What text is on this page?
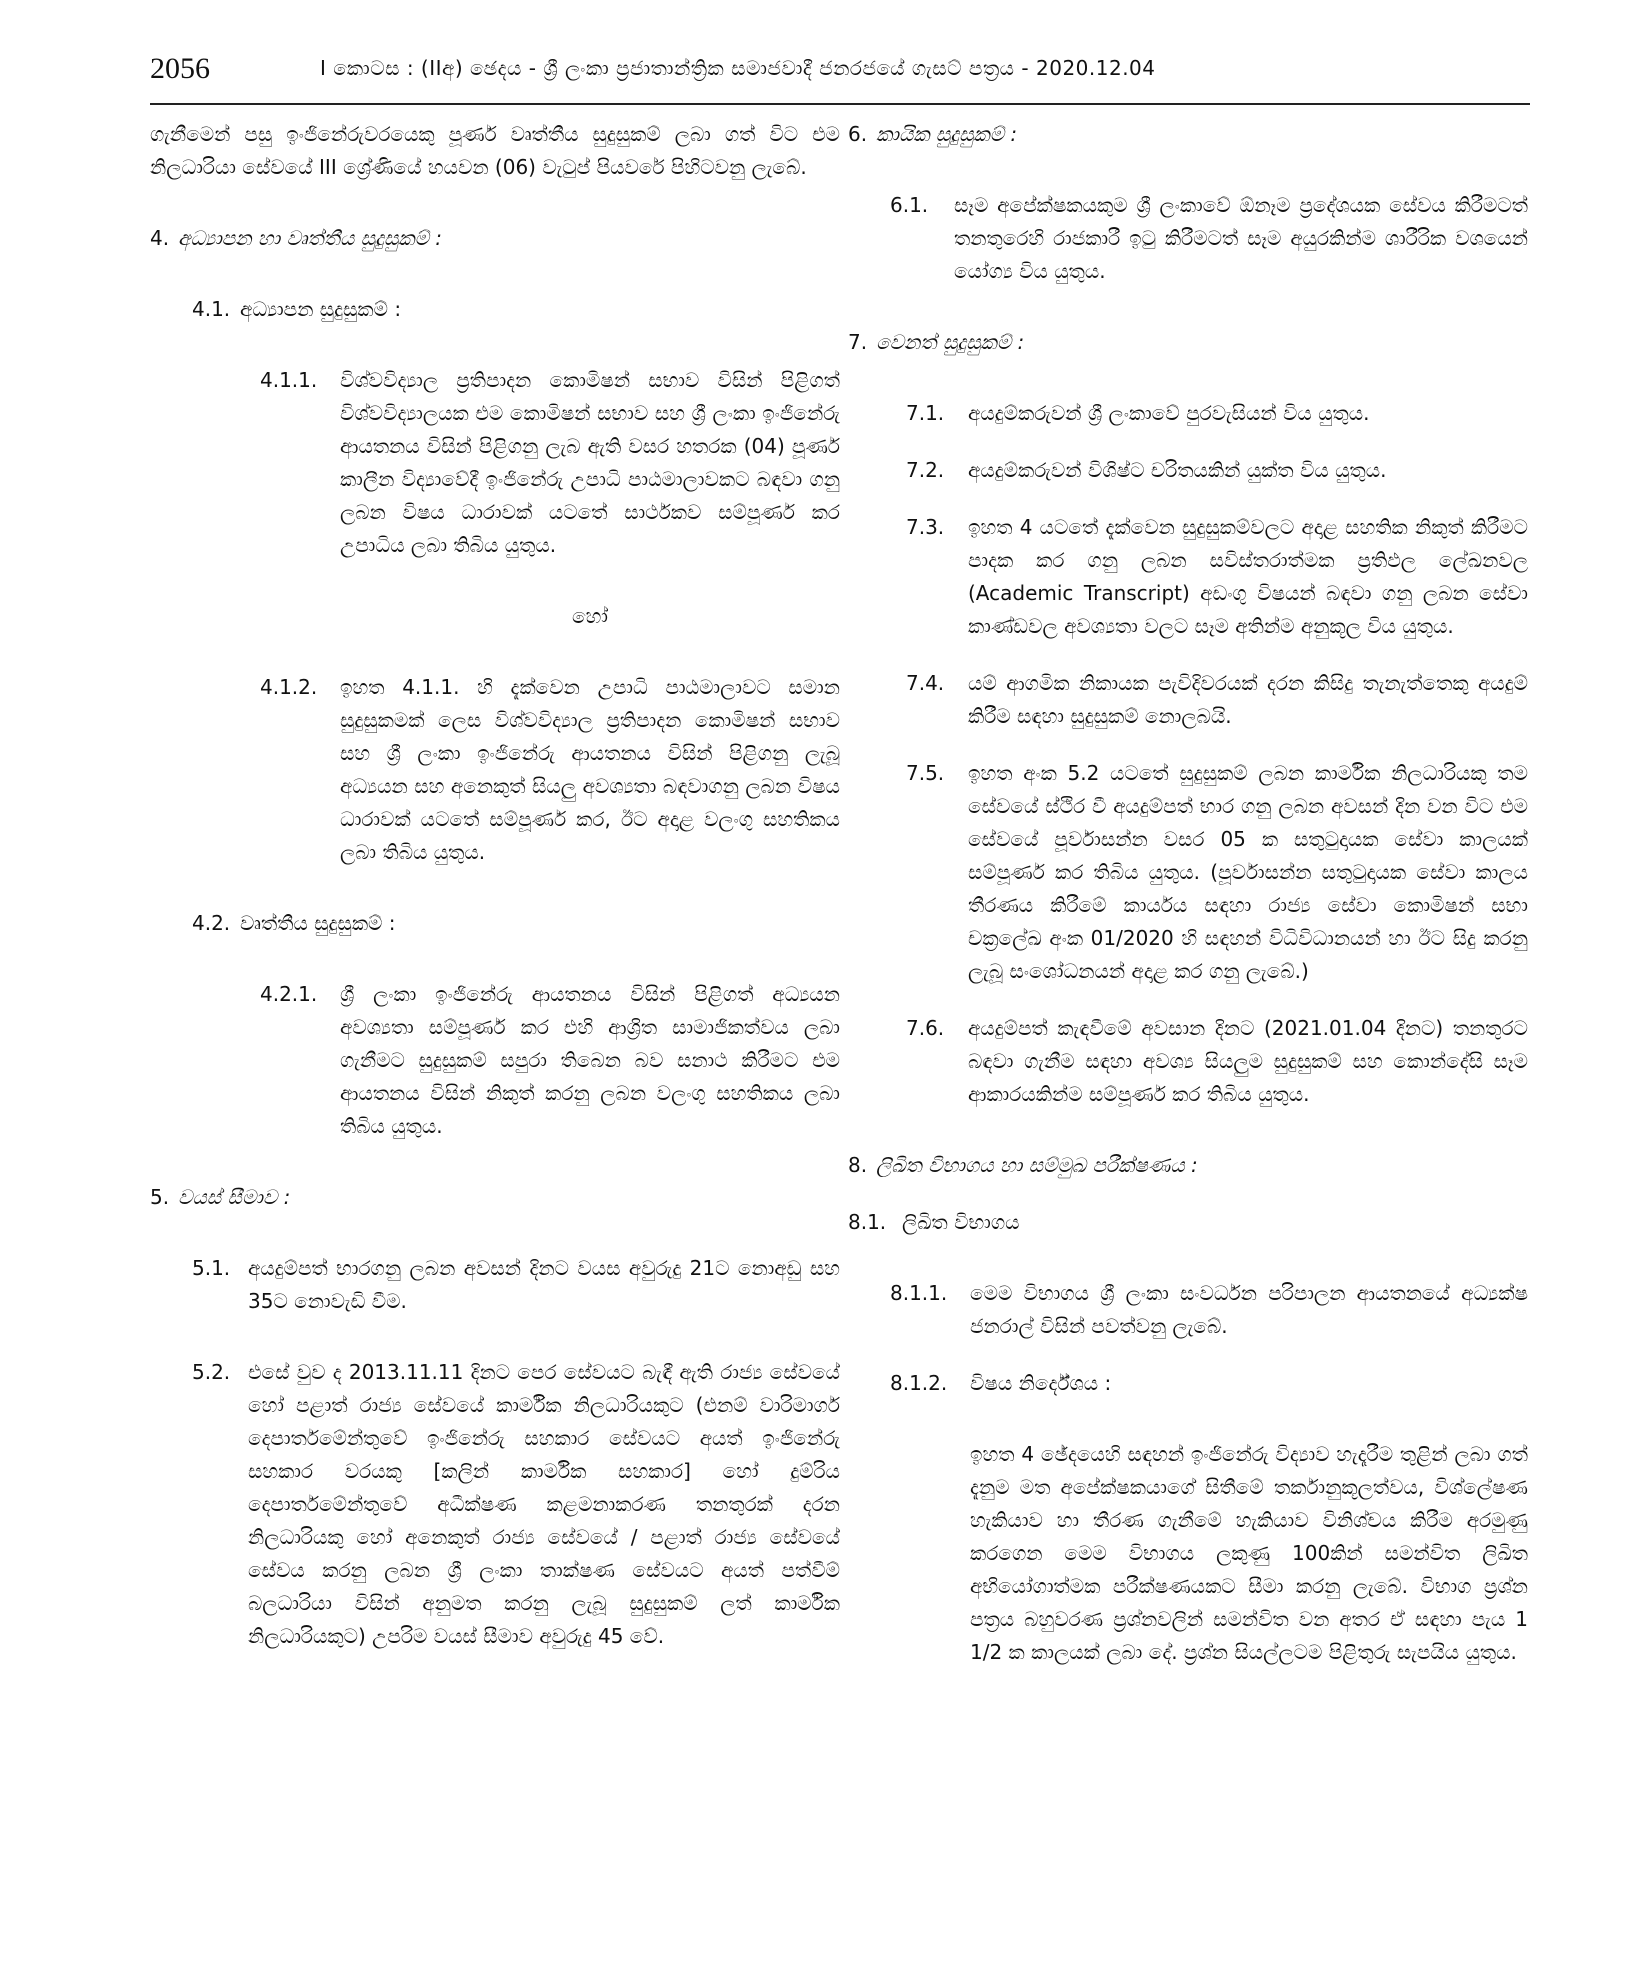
2056	I කොටස : (IIඅ) ඡෙදය - ශ්‍රී ලංකා ප්‍රජාතාන්ත්‍රික සමාජවාදී ජනරජයේ ගැසට් පත්‍රය - 2020.12.04
ගැනීමෙන් පසු ඉංජිනේරුවරයෙකු පූර්ණ වෘත්තීය සුදුසුකම් ලබා ගත් විට එම නිලධාරියා සේවයේ III ශ්‍රේණියේ හයවන (06) වැටුප් පියවරේ පිහිටවනු ලැබේ.
4. අධ්‍යාපන හා වෘත්තීය සුදුසුකම් :
4.1. අධ්‍යාපන සුදුසුකම් :
4.1.1. විශ්වවිද්‍යාල ප්‍රතිපාදන කොමිෂන් සභාව විසින් පිළිගත් විශ්වවිද්‍යාලයක එම කොමිෂන් සභාව සහ ශ්‍රී ලංකා ඉංජිනේරු ආයතනය විසින් පිළිගනු ලැබ ඇති වසර හතරක (04) පූර්ණ කාලීන විද්‍යාවේදී ඉංජිනේරු උපාධි පාඨමාලාවකට බඳවා ගනු ලබන විෂය ධාරාවක් යටතේ සාර්ථකව සම්පූර්ණ කර උපාධිය ලබා තිබිය යුතුය.
හෝ
4.1.2. ඉහත 4.1.1. හි දැක්වෙන උපාධි පාඨමාලාවට සමාන සුදුසුකමක් ලෙස විශ්වවිද්‍යාල ප්‍රතිපාදන කොමිෂන් සභාව සහ ශ්‍රී ලංකා ඉංජිනේරු ආයතනය විසින් පිළිගනු ලැබූ අධ්‍යයන සහ අනෙකුත් සියලු අවශ්‍යතා බඳවාගනු ලබන විෂය ධාරාවක් යටතේ සම්පූර්ණ කර, ඊට අදාළ වලංගු සහතිකය ලබා තිබිය යුතුය.
4.2. වෘත්තීය සුදුසුකම් :
4.2.1. ශ්‍රී ලංකා ඉංජිනේරු ආයතනය විසින් පිළිගත් අධ්‍යයන අවශ්‍යතා සම්පූර්ණ කර එහි ආශ්‍රිත සාමාජිකත්වය ලබා ගැනීමට සුදුසුකම් සපුරා තිබෙන බව සනාථ කිරීමට එම ආයතනය විසින් නිකුත් කරනු ලබන වලංගු සහතිකය ලබා තිබිය යුතුය.
5. වයස් සීමාව :
5.1. අයදුම්පත් භාරගනු ලබන අවසන් දිනට වයස අවුරුදු 21ට නොඅඩු සහ 35ට නොවැඩි වීම.
5.2. එසේ වුව ද 2013.11.11 දිනට පෙර සේවයට බැඳී ඇති රාජ්‍ය සේවයේ හෝ පළාත් රාජ්‍ය සේවයේ කාර්මික නිලධාරියකුට (එනම් වාරිමාර්ග දෙපාර්තමේන්තුවේ ඉංජිනේරු සහකාර සේවයට අයත් ඉංජිනේරු සහකාර වරයකු [කලින් කාර්මික සහකාර] හෝ දුම්රිය දෙපාර්තමේන්තුවේ අධීක්ෂණ කළමනාකරණ තනතුරක් දරන නිලධාරියකු හෝ අනෙකුත් රාජ්‍ය සේවයේ / පළාත් රාජ්‍ය සේවයේ සේවය කරනු ලබන ශ්‍රී ලංකා තාක්ෂණ සේවයට අයත් පත්වීම් බලධාරියා විසින් අනුමත කරනු ලැබූ සුදුසුකම් ලත් කාර්මික නිලධාරියකුට) උපරිම වයස් සීමාව අවුරුදු 45 වේ.
6. කායික සුදුසුකම් :
6.1. සෑම අපේක්ෂකයකුම ශ්‍රී ලංකාවේ ඕනෑම ප්‍රදේශයක සේවය කිරීමටත් තනතුරෙහි රාජකාරී ඉටු කිරීමටත් සෑම අයුරකින්ම ශාරීරික වශයෙන් යෝග්‍ය විය යුතුය.
7. වෙනත් සුදුසුකම් :
7.1. අයදුම්කරුවන් ශ්‍රී ලංකාවේ පුරවැසියන් විය යුතුය.
7.2. අයදුම්කරුවන් විශිෂ්ට චරිතයකින් යුක්ත විය යුතුය.
7.3. ඉහත 4 යටතේ දැක්වෙන සුදුසුකම්වලට අදාළ සහතික නිකුත් කිරීමට පාදක කර ගනු ලබන සවිස්තරාත්මක ප්‍රතිඵල ලේඛනවල (Academic Transcript) අඩංගු විෂයන් බඳවා ගනු ලබන සේවා කාණ්ඩවල අවශ්‍යතා වලට සෑම අතින්ම අනුකූල විය යුතුය.
7.4. යම් ආගමික නිකායක පැවිදිවරයක් දරන කිසිදු තැනැත්තෙකු අයදුම් කිරීම සඳහා සුදුසුකම් නොලබයි.
7.5. ඉහත අංක 5.2 යටතේ සුදුසුකම් ලබන කාර්මික නිලධාරියකු තම සේවයේ ස්ථිර වී අයදුම්පත් භාර ගනු ලබන අවසන් දින වන විට එම සේවයේ පූර්වාසන්න වසර 05 ක සතුටුදායක සේවා කාලයක් සම්පූර්ණ කර තිබිය යුතුය. (පූර්වාසන්න සතුටුදායක සේවා කාලය තීරණය කිරීමේ කාර්යය සඳහා රාජ්‍ය සේවා කොමිෂන් සභා චක්‍රලේඛ අංක 01/2020 හි සඳහන් විධිවිධානයන් හා ඊට සිදු කරනු ලැබූ සංශෝධනයන් අදාළ කර ගනු ලැබේ.)
7.6. අයදුම්පත් කැඳවීමේ අවසාන දිනට (2021.01.04 දිනට) තනතුරට බඳවා ගැනීම සඳහා අවශ්‍ය සියලුම සුදුසුකම් සහ කොන්දේසි සෑම ආකාරයකින්ම සම්පූර්ණ කර තිබිය යුතුය.
8. ලිඛිත විභාගය හා සම්මුඛ පරීක්ෂණය :
8.1. ලිඛිත විභාගය
8.1.1. මෙම විභාගය ශ්‍රී ලංකා සංවර්ධන පරිපාලන ආයතනයේ අධ්‍යක්ෂ ජනරාල් විසින් පවත්වනු ලැබේ.
8.1.2. විෂය නිර්දේශය :
ඉහත 4 ඡේදයෙහි සඳහන් ඉංජිනේරු විද්‍යාව හැදෑරීම තුළින් ලබා ගත් දැනුම මත අපේක්ෂකයාගේ සිතීමේ තර්කානුකූලත්වය, විශ්ලේෂණ හැකියාව හා තීරණ ගැනීමේ හැකියාව විනිශ්චය කිරීම අරමුණු කරගෙන මෙම විභාගය ලකුණු 100කින් සමන්විත ලිඛිත අභියෝගාත්මක පරීක්ෂණයකට සීමා කරනු ලැබේ. විභාග ප්‍රශ්න පත්‍රය බහුවරණ ප්‍රශ්නවලින් සමන්විත වන අතර ඒ සඳහා පැය 1 1/2 ක කාලයක් ලබා දේ. ප්‍රශ්න සියල්ලටම පිළිතුරු සැපයිය යුතුය.
